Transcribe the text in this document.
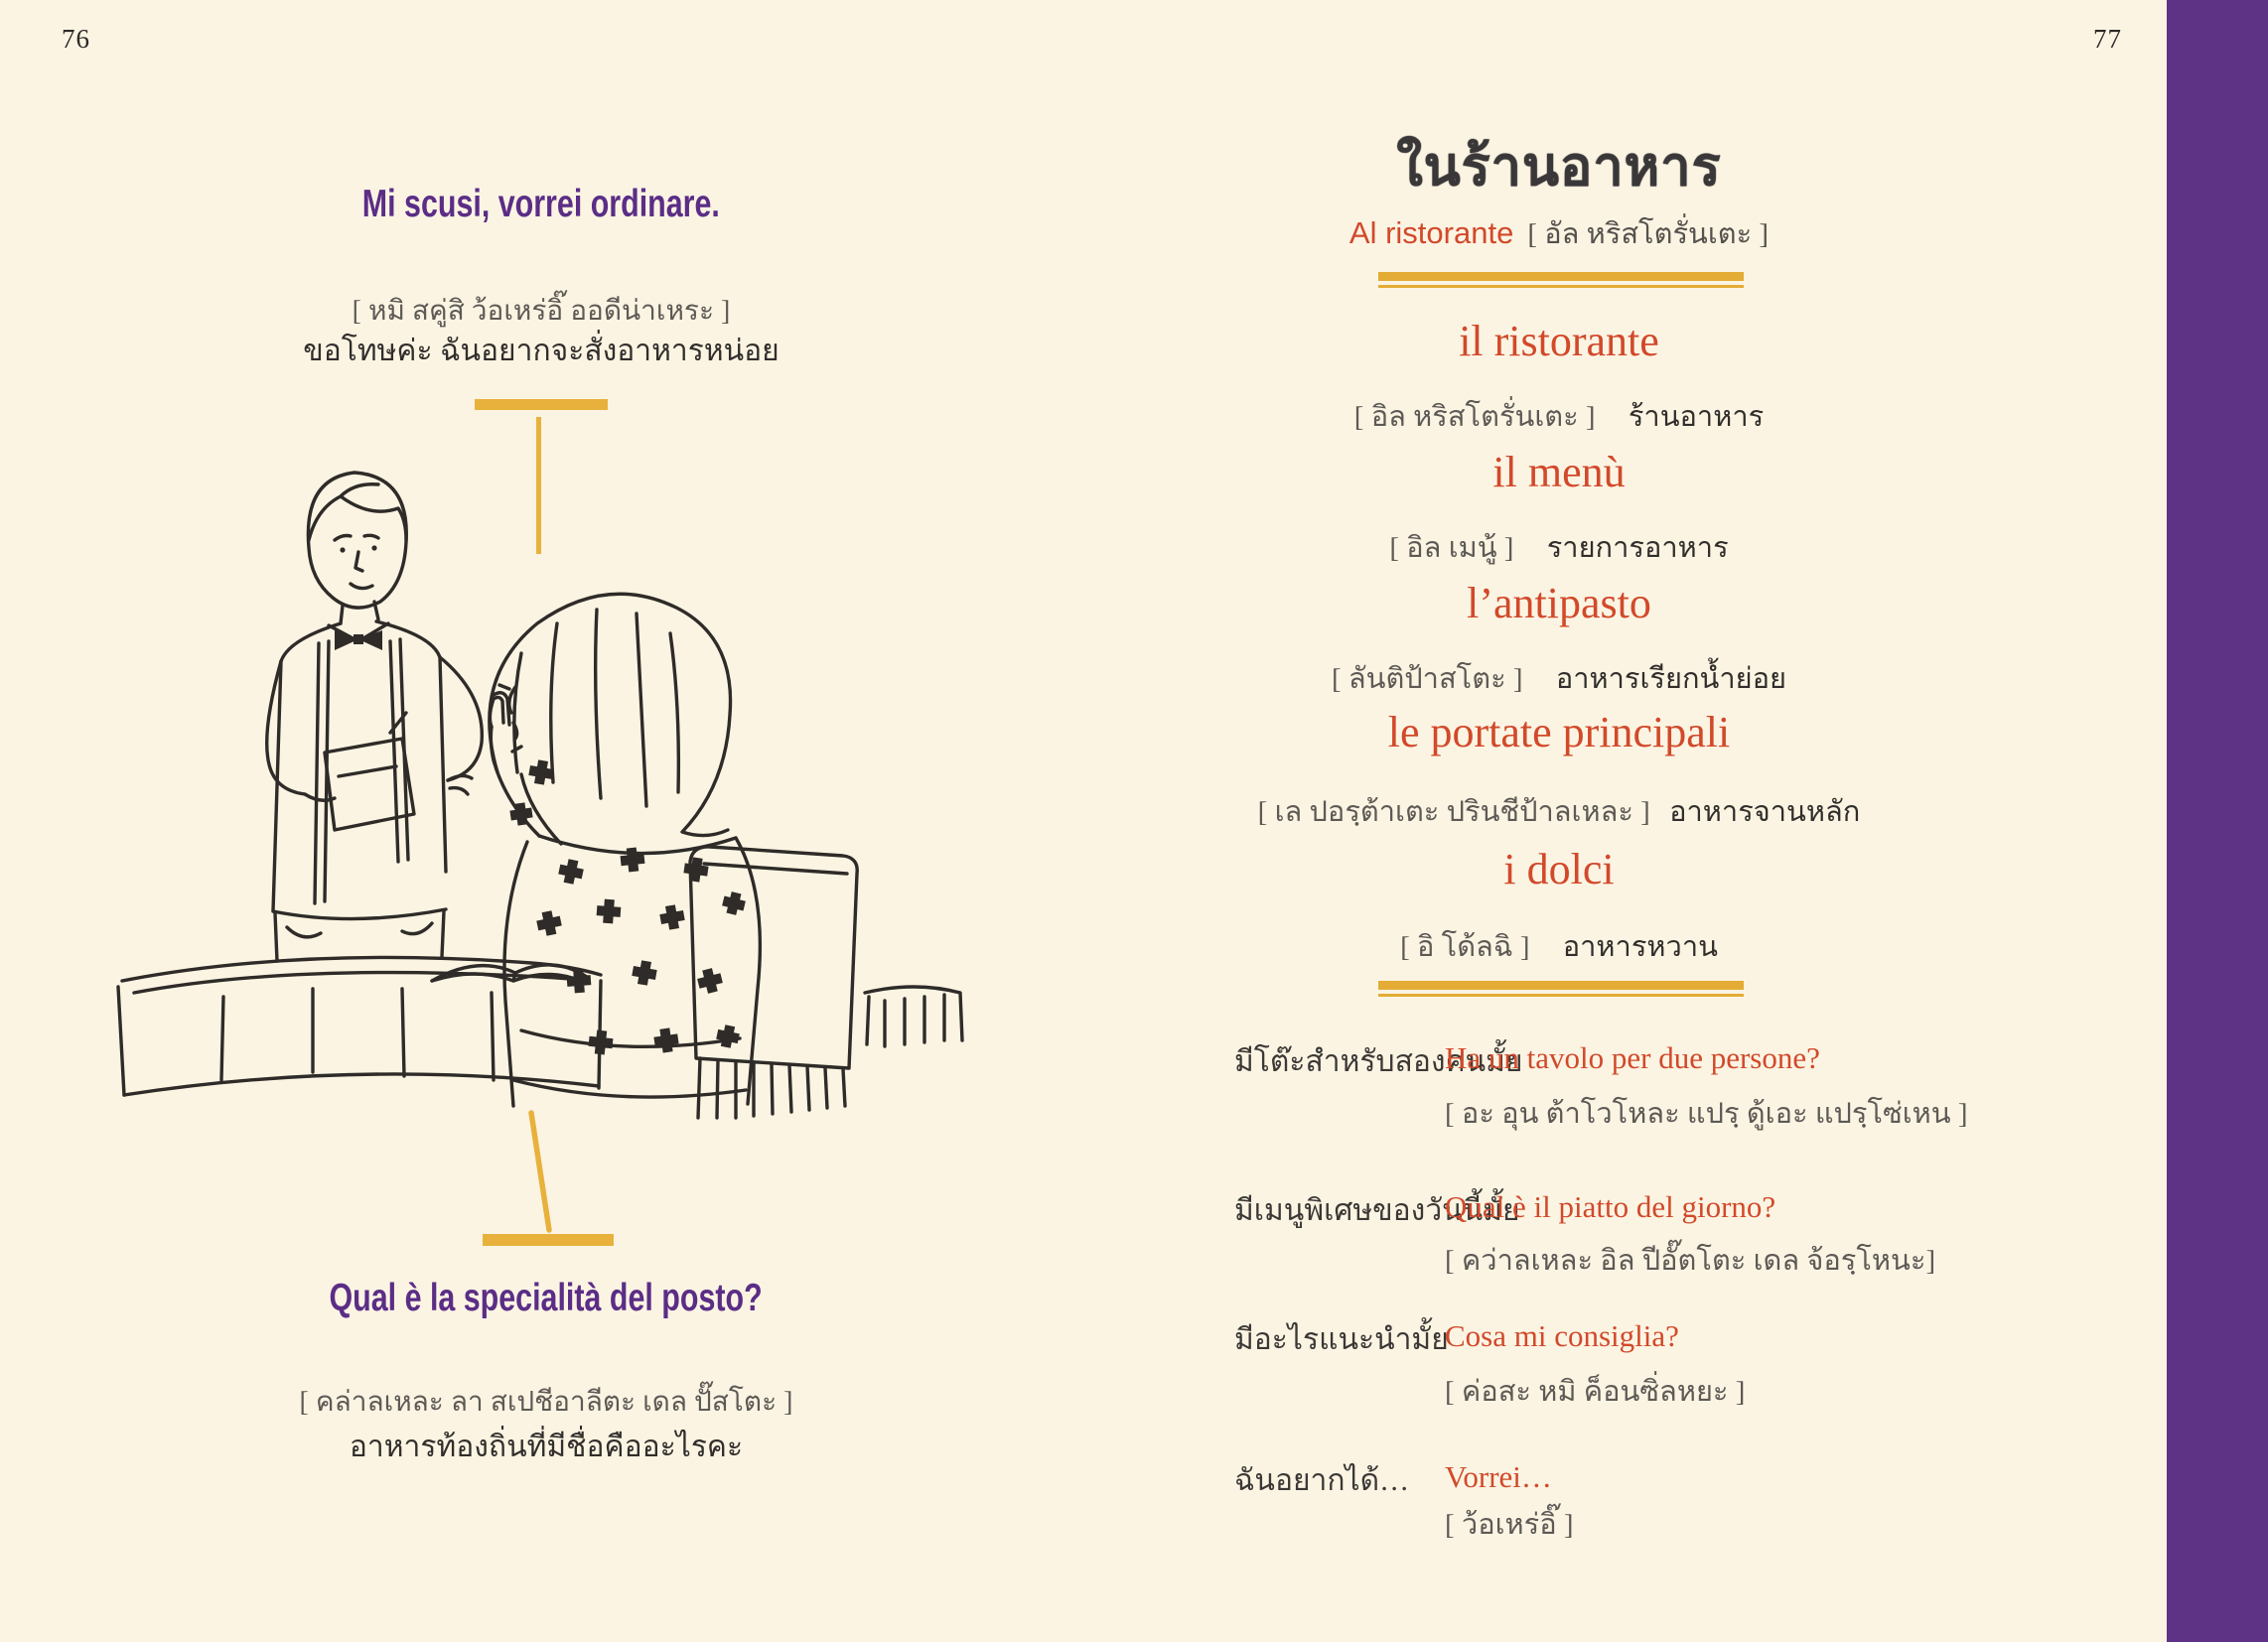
76
Mi scusi, vorrei ordinare.
[ หมิ สคู่สิ ว้อเหร่อิ๊ ออดีน่าเหระ ]
ขอโทษค่ะ ฉันอยากจะสั่งอาหารหน่อย
Qual è la specialità del posto?
[ คล่าลเหละ ลา สเปชีอาลีตะ เดล ปั๊สโตะ ]
อาหารท้องถิ่นที่มีชื่อคืออะไรคะ
77
ในร้านอาหาร
Al ristorante [ อัล หริสโตรั่นเตะ ]
il ristorante
[ อิล หริสโตรั่นเตะ ] ร้านอาหาร
il menù
[ อิล เมนู้ ] รายการอาหาร
l’antipasto
[ ลันติป้าสโตะ ] อาหารเรียกน้ำย่อย
le portate principali
[ เล ปอรฺต้าเตะ ปรินชีป้าลเหละ ] อาหารจานหลัก
i dolci
[ อิ โด้ลฉิ ] อาหารหวาน
มีโต๊ะสำหรับสองคนมั้ย
Ha un tavolo per due persone?
[ อะ อุน ต้าโวโหละ แปรฺ ดู้เอะ แปรฺโซ่เหน ]
มีเมนูพิเศษของวันนี้มั้ย
Qual è il piatto del giorno?
[ คว่าลเหละ อิล ปีอั๊ตโตะ เดล จ้อรฺโหนะ]
มีอะไรแนะนำมั้ย
Cosa mi consiglia?
[ ค่อสะ หมิ ค็อนซิ่ลหยะ ]
ฉันอยากได้… Vorrei…
[ ว้อเหร่อิ๊ ]
